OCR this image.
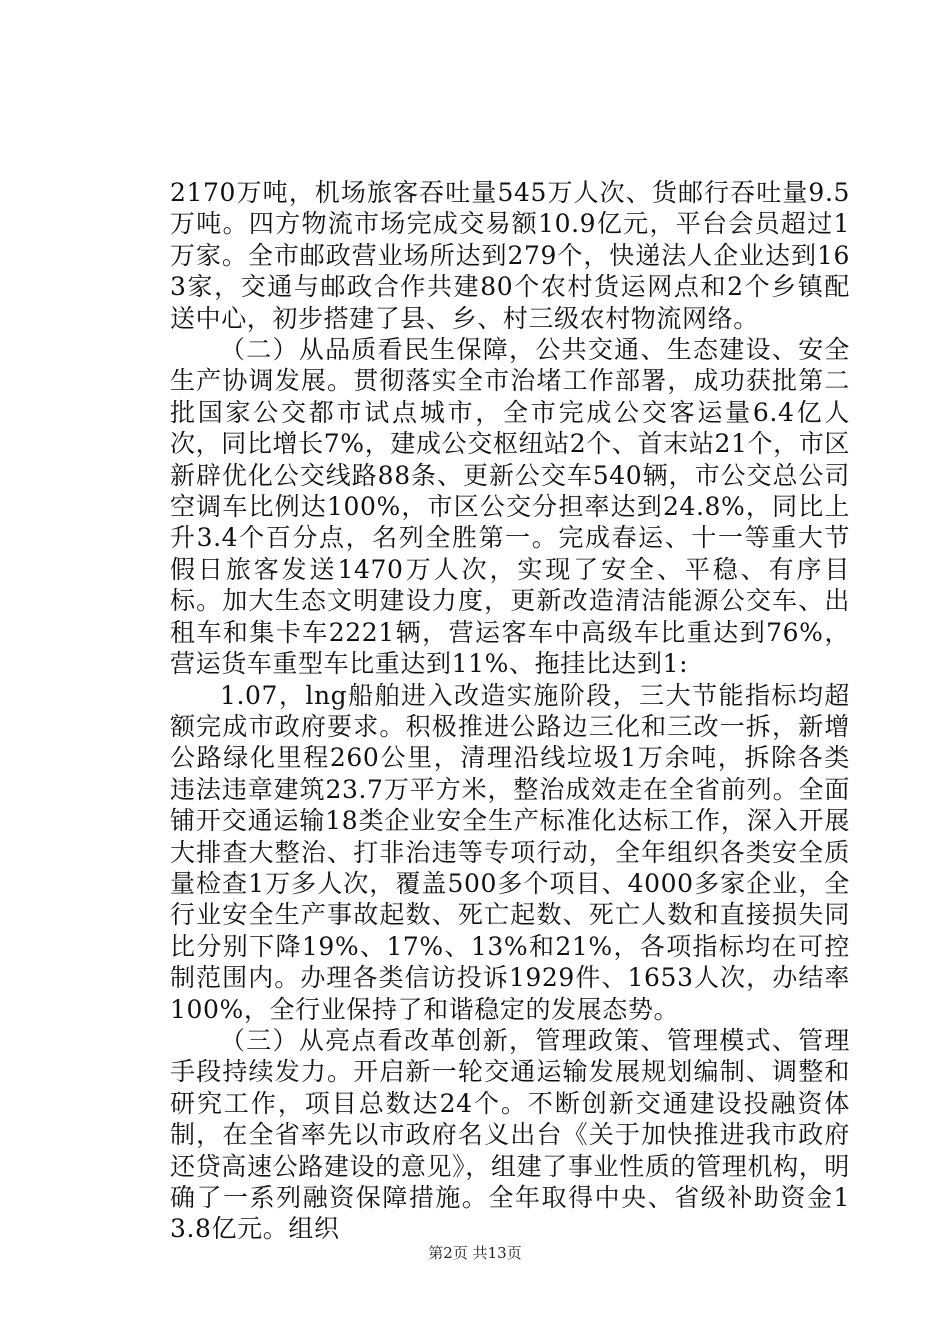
2170万吨，机场旅客吞吐量545万人次、货邮行吞吐量9.5万吨。四方物流市场完成交易额10.9亿元，平台会员超过1万家。全市邮政营业场所达到279个，快递法人企业达到163家，交通与邮政合作共建80个农村货运网点和2个乡镇配送中心，初步搭建了县、乡、村三级农村物流网络。

（二）从品质看民生保障，公共交通、生态建设、安全生产协调发展。贯彻落实全市治堵工作部署，成功获批第二批国家公交都市试点城市，全市完成公交客运量6.4亿人次，同比增长7%，建成公交枢纽站2个、首末站21个，市区新辟优化公交线路88条、更新公交车540辆，市公交总公司空调车比例达100%，市区公交分担率达到24.8%，同比上升3.4个百分点，名列全胜第一。完成春运、十一等重大节假日旅客发送1470万人次，实现了安全、平稳、有序目标。加大生态文明建设力度，更新改造清洁能源公交车、出租车和集卡车2221辆，营运客车中高级车比重达到76%，营运货车重型车比重达到11%、拖挂比达到1:

1.07，lng船舶进入改造实施阶段，三大节能指标均超额完成市政府要求。积极推进公路边三化和三改一拆，新增公路绿化里程260公里，清理沿线垃圾1万余吨，拆除各类违法违章建筑23.7万平方米，整治成效走在全省前列。全面铺开交通运输18类企业安全生产标准化达标工作，深入开展大排查大整治、打非治违等专项行动，全年组织各类安全质量检查1万多人次，覆盖500多个项目、4000多家企业，全行业安全生产事故起数、死亡起数、死亡人数和直接损失同比分别下降19%、17%、13%和21%，各项指标均在可控制范围内。办理各类信访投诉1929件、1653人次，办结率100%，全行业保持了和谐稳定的发展态势。

（三）从亮点看改革创新，管理政策、管理模式、管理手段持续发力。开启新一轮交通运输发展规划编制、调整和研究工作，项目总数达24个。不断创新交通建设投融资体制，在全省率先以市政府名义出台《关于加快推进我市政府还贷高速公路建设的意见》，组建了事业性质的管理机构，明确了一系列融资保障措施。全年取得中央、省级补助资金13.8亿元。组织

第2页 共13页
